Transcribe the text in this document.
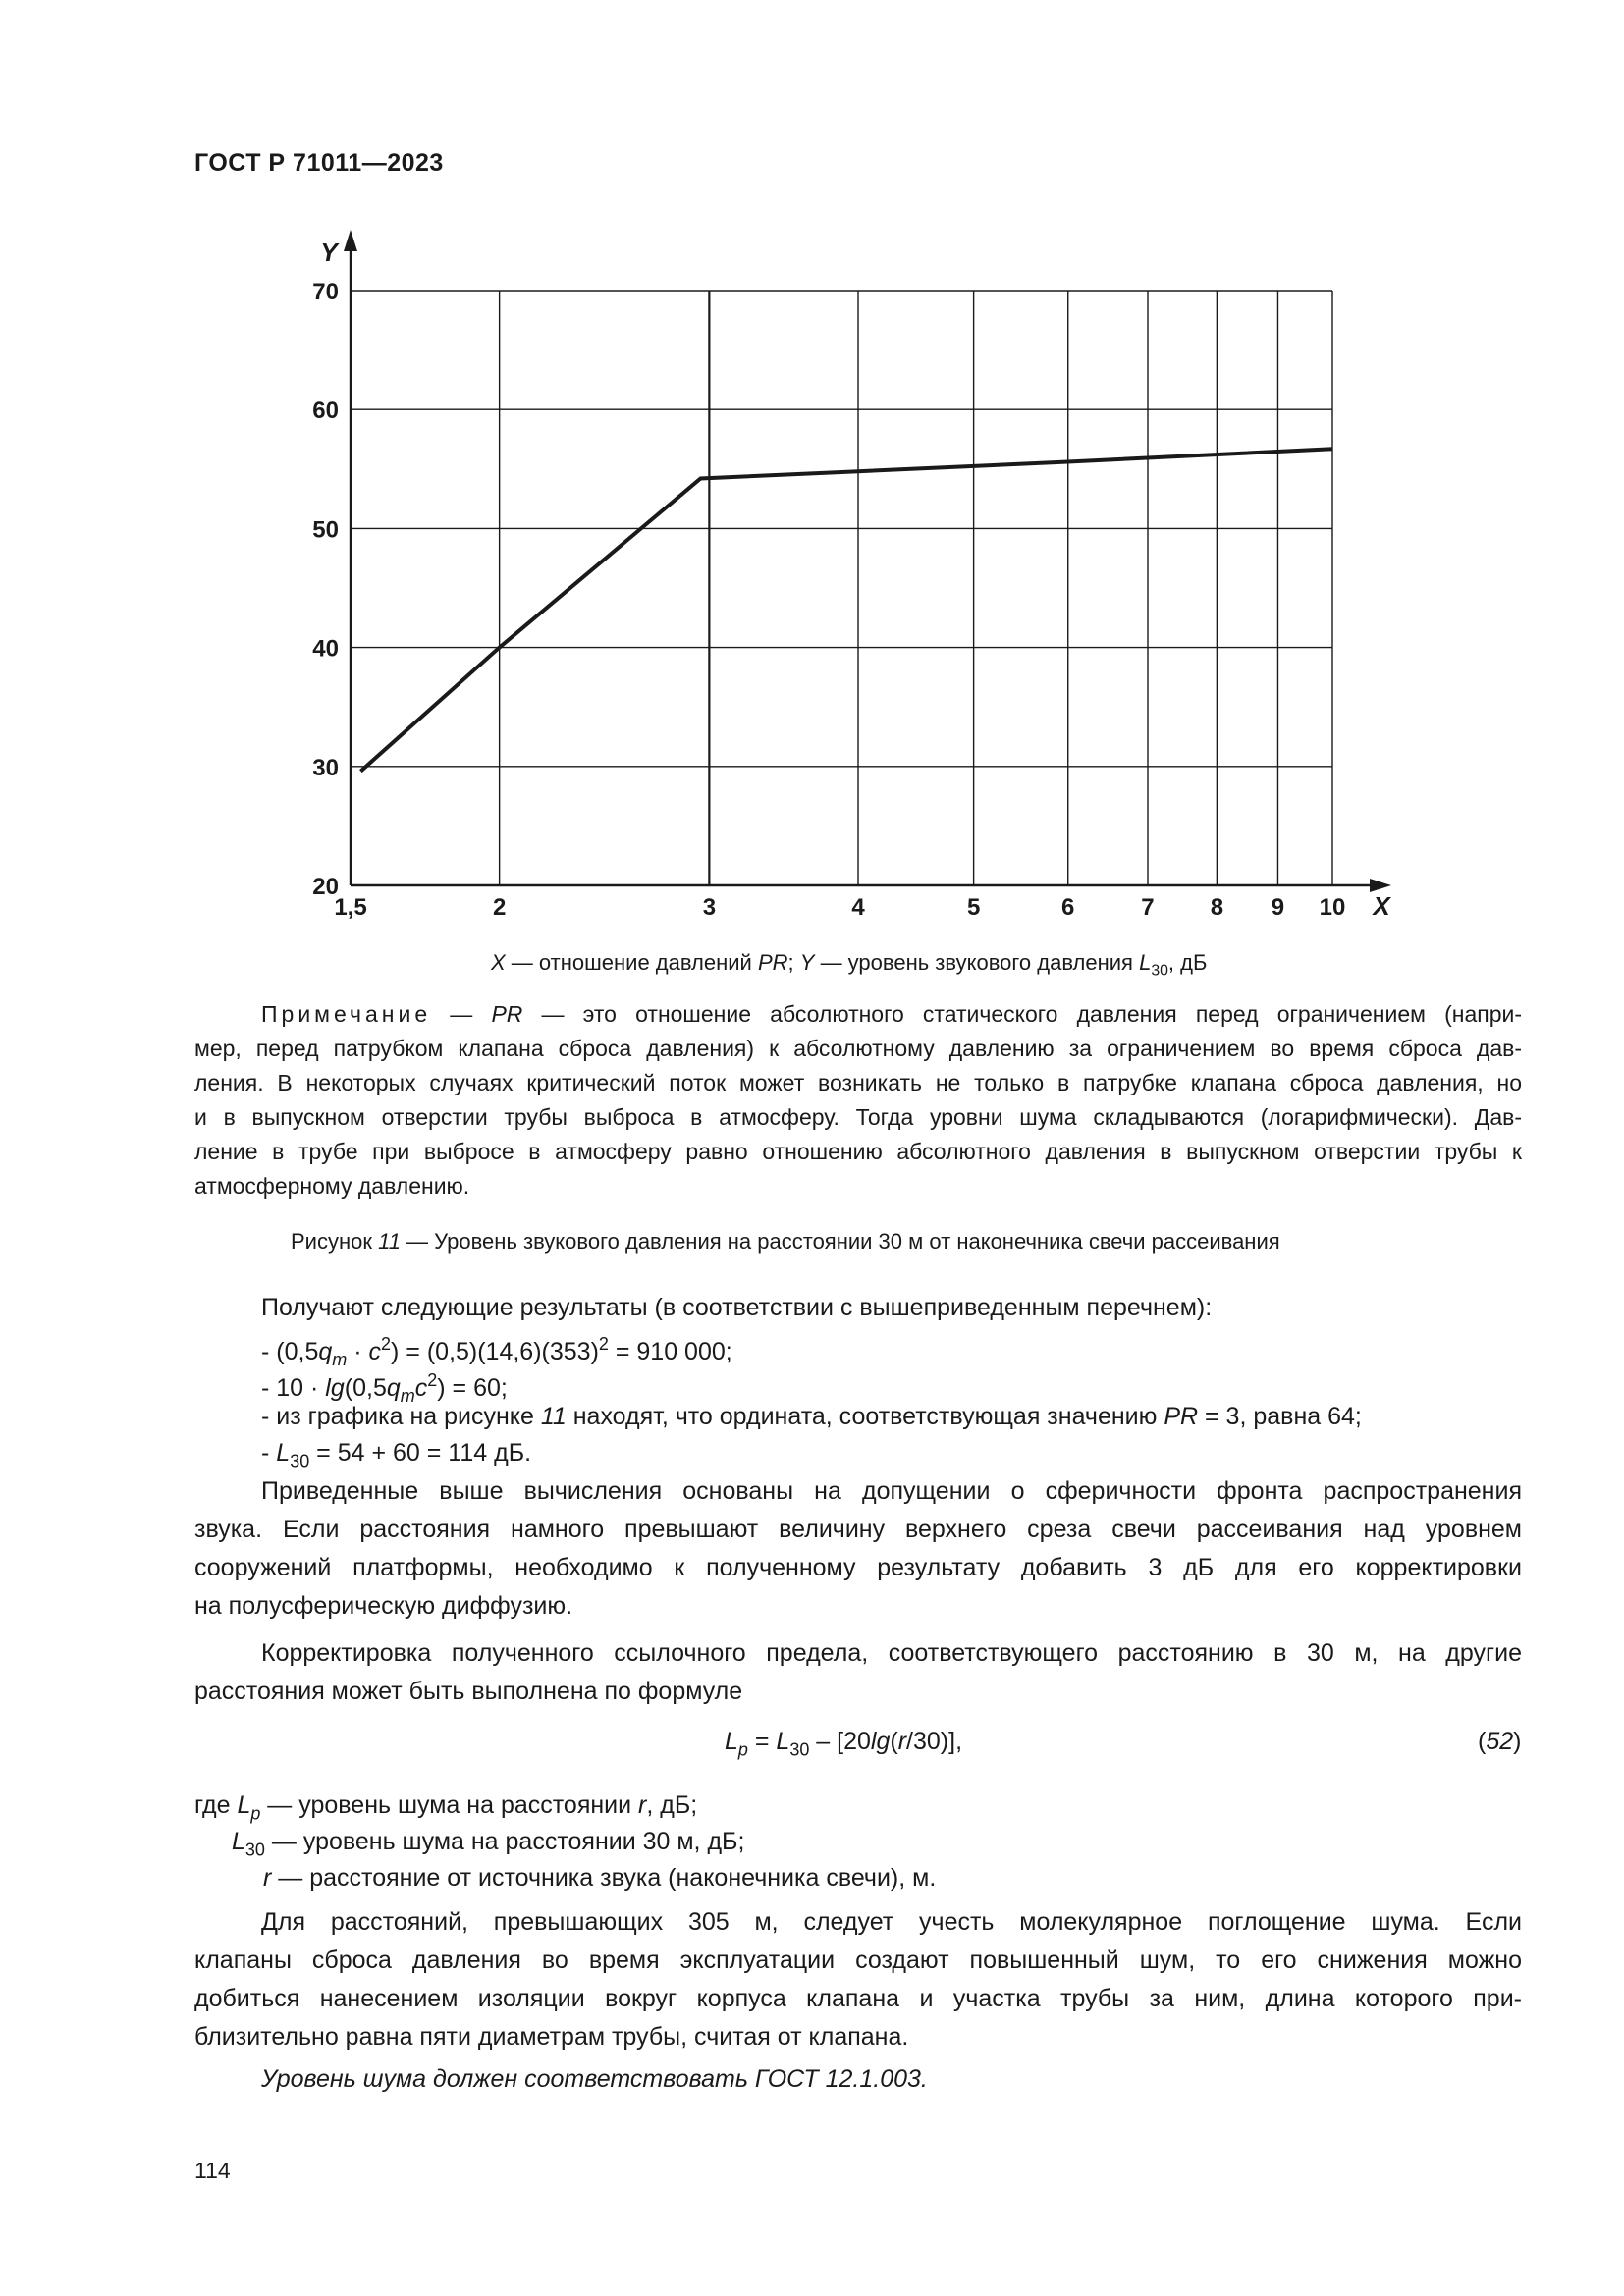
ГОСТ Р 71011—2023
1,5	2	3	4	5	6	7 8 9 10
20
30
40
50
60
70
X
Y
X — отношение давлений PR; Y — уровень звукового давления $L_{30}$, дБ
Примечание — PR — это отношение абсолютного статического давления перед ограничением (напри-
мер, перед патрубком клапана сброса давления) к абсолютному давлению за ограничением во время сброса дав-
ления. В некоторых случаях критический поток может возникать не только в патрубке клапана сброса давления, но
и в выпускном отверстии трубы выброса в атмосферу. Тогда уровни шума складываются (логарифмически). Дав-
ление в трубе при выбросе в атмосферу равно отношению абсолютного давления в выпускном отверстии трубы к
атмосферному давлению.
Рисунок 11 — Уровень звукового давления на расстоянии 30 м от наконечника свечи рассеивания
Получают следующие результаты (в соответствии с вышеприведенным перечнем):
- $(0,5q_m \cdot c^2) = (0,5)(14,6)(353)^2 = 910$ 000;
- $10 \cdot \lg(0,5q_mc^2) = 60$;
- из графика на рисунке 11 находят, что ордината, соответствующая значению PR = 3, равна 64;
- $L_{30} = 54 + 60 = 114$ дБ.
Приведенные выше вычисления основаны на допущении о сферичности фронта распространения
звука. Если расстояния намного превышают величину верхнего среза свечи рассеивания над уровнем
сооружений платформы, необходимо к полученному результату добавить 3 дБ для его корректировки
на полусферическую диффузию.
Корректировка полученного ссылочного предела, соответствующего расстоянию в 30 м, на другие
расстояния может быть выполнена по формуле
$L_p = L_{30} - [20\lg(r/30)]$,	(52)
где $L_p$ — уровень шума на расстоянии r, дБ;
$L_{30}$ — уровень шума на расстоянии 30 м, дБ;
r — расстояние от источника звука (наконечника свечи), м.
Для расстояний, превышающих 305 м, следует учесть молекулярное поглощение шума. Если
клапаны сброса давления во время эксплуатации создают повышенный шум, то его снижения можно
добиться нанесением изоляции вокруг корпуса клапана и участка трубы за ним, длина которого при-
близительно равна пяти диаметрам трубы, считая от клапана.
Уровень шума должен соответствовать ГОСТ 12.1.003.
114
